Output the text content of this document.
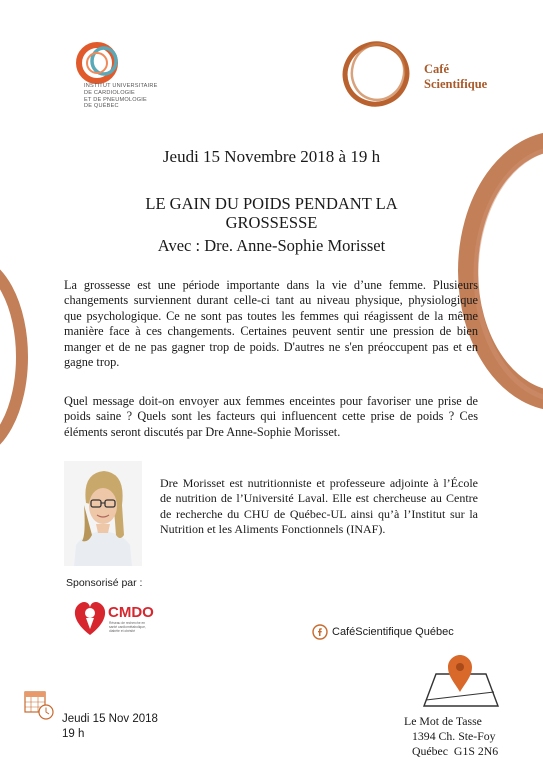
INSTITUT UNIVERSITAIRE
DE CARDIOLOGIE
ET DE PNEUMOLOGIE
DE QUÉBEC
Café
Scientifique
Jeudi 15 Novembre 2018 à 19 h
LE GAIN DU POIDS PENDANT LA GROSSESSE
Avec : Dre. Anne-Sophie Morisset
La grossesse est une période importante dans la vie d’une femme. Plusieurs changements surviennent durant celle-ci tant au niveau physique, physiologique que psychologique. Ce ne sont pas toutes les femmes qui réagissent de la même manière face à ces changements. Certaines peuvent sentir une pression de bien manger et de ne pas gagner trop de poids. D'autres ne s'en préoccupent pas et en gagne trop.
Quel message doit-on envoyer aux femmes enceintes pour favoriser une prise de poids saine ? Quels sont les facteurs qui influencent cette prise de poids ? Ces éléments seront discutés par Dre Anne-Sophie Morisset.
Dre Morisset est nutritionniste et professeure adjointe à l’École de nutrition de l’Université Laval. Elle est chercheuse au Centre de recherche du CHU de Québec-UL ainsi qu’à l’Institut sur la Nutrition et les Aliments Fonctionnels (INAF).
Sponsorisé par :
CMDO
Réseau de recherche en
santé cardiométabolique,
diabète et obésité	CaféScientifique Québec
Jeudi 15 Nov 2018
19 h
Le Mot de Tasse
1394 Ch. Ste-Foy
Québec  G1S 2N6
